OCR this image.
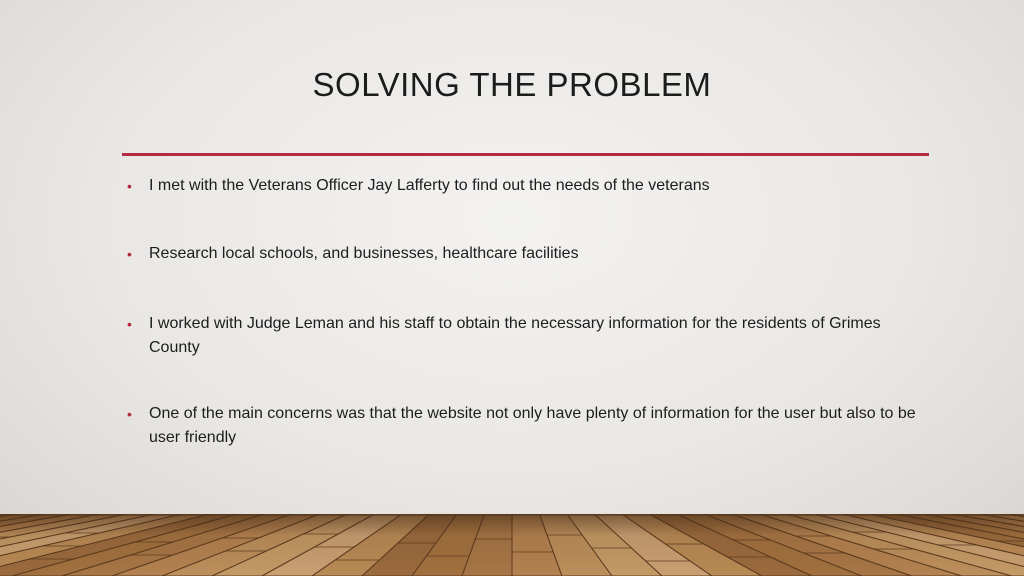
SOLVING THE PROBLEM
• I met with the Veterans Officer Jay Lafferty to find out the needs of the veterans
• Research local schools, and businesses, healthcare facilities
• I worked with Judge Leman and his staff to obtain the necessary information for the residents of Grimes County
• One of the main concerns was that the website not only have plenty of information for the user but also to be user friendly
